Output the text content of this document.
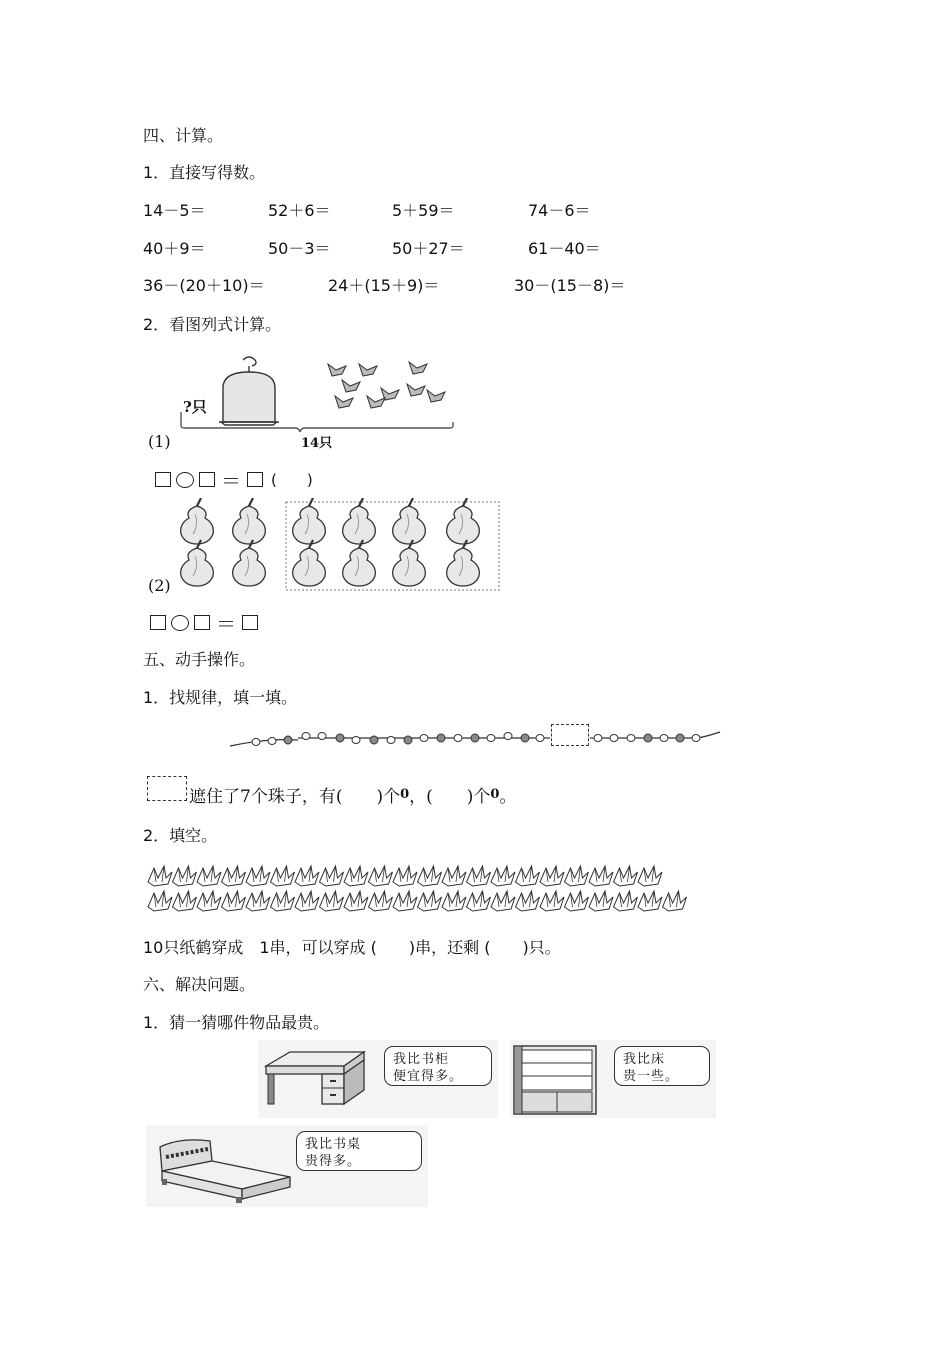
四、计算。
1．直接写得数。
14－5＝	52＋6＝	5＋59＝	74－6＝
40＋9＝	50－3＝	50＋27＝	61－40＝
36－(20＋10)＝	24＋(15＋9)＝	30－(15－8)＝
2．看图列式计算。
?只
14只
(1)
＝ (　　)
(2)
＝
五、动手操作。
1．找规律，填一填。
遮住了7个珠子，有(　　)个 0 ，(　　)个 0 。
2．填空。
10只纸鹤穿成　1串，可以穿成 (　　)串，还剩 (　　)只。
六、解决问题。
1．猜一猜哪件物品最贵。
我比书柜
便宜得多。
我比床
贵一些。
我比书桌
贵得多。
